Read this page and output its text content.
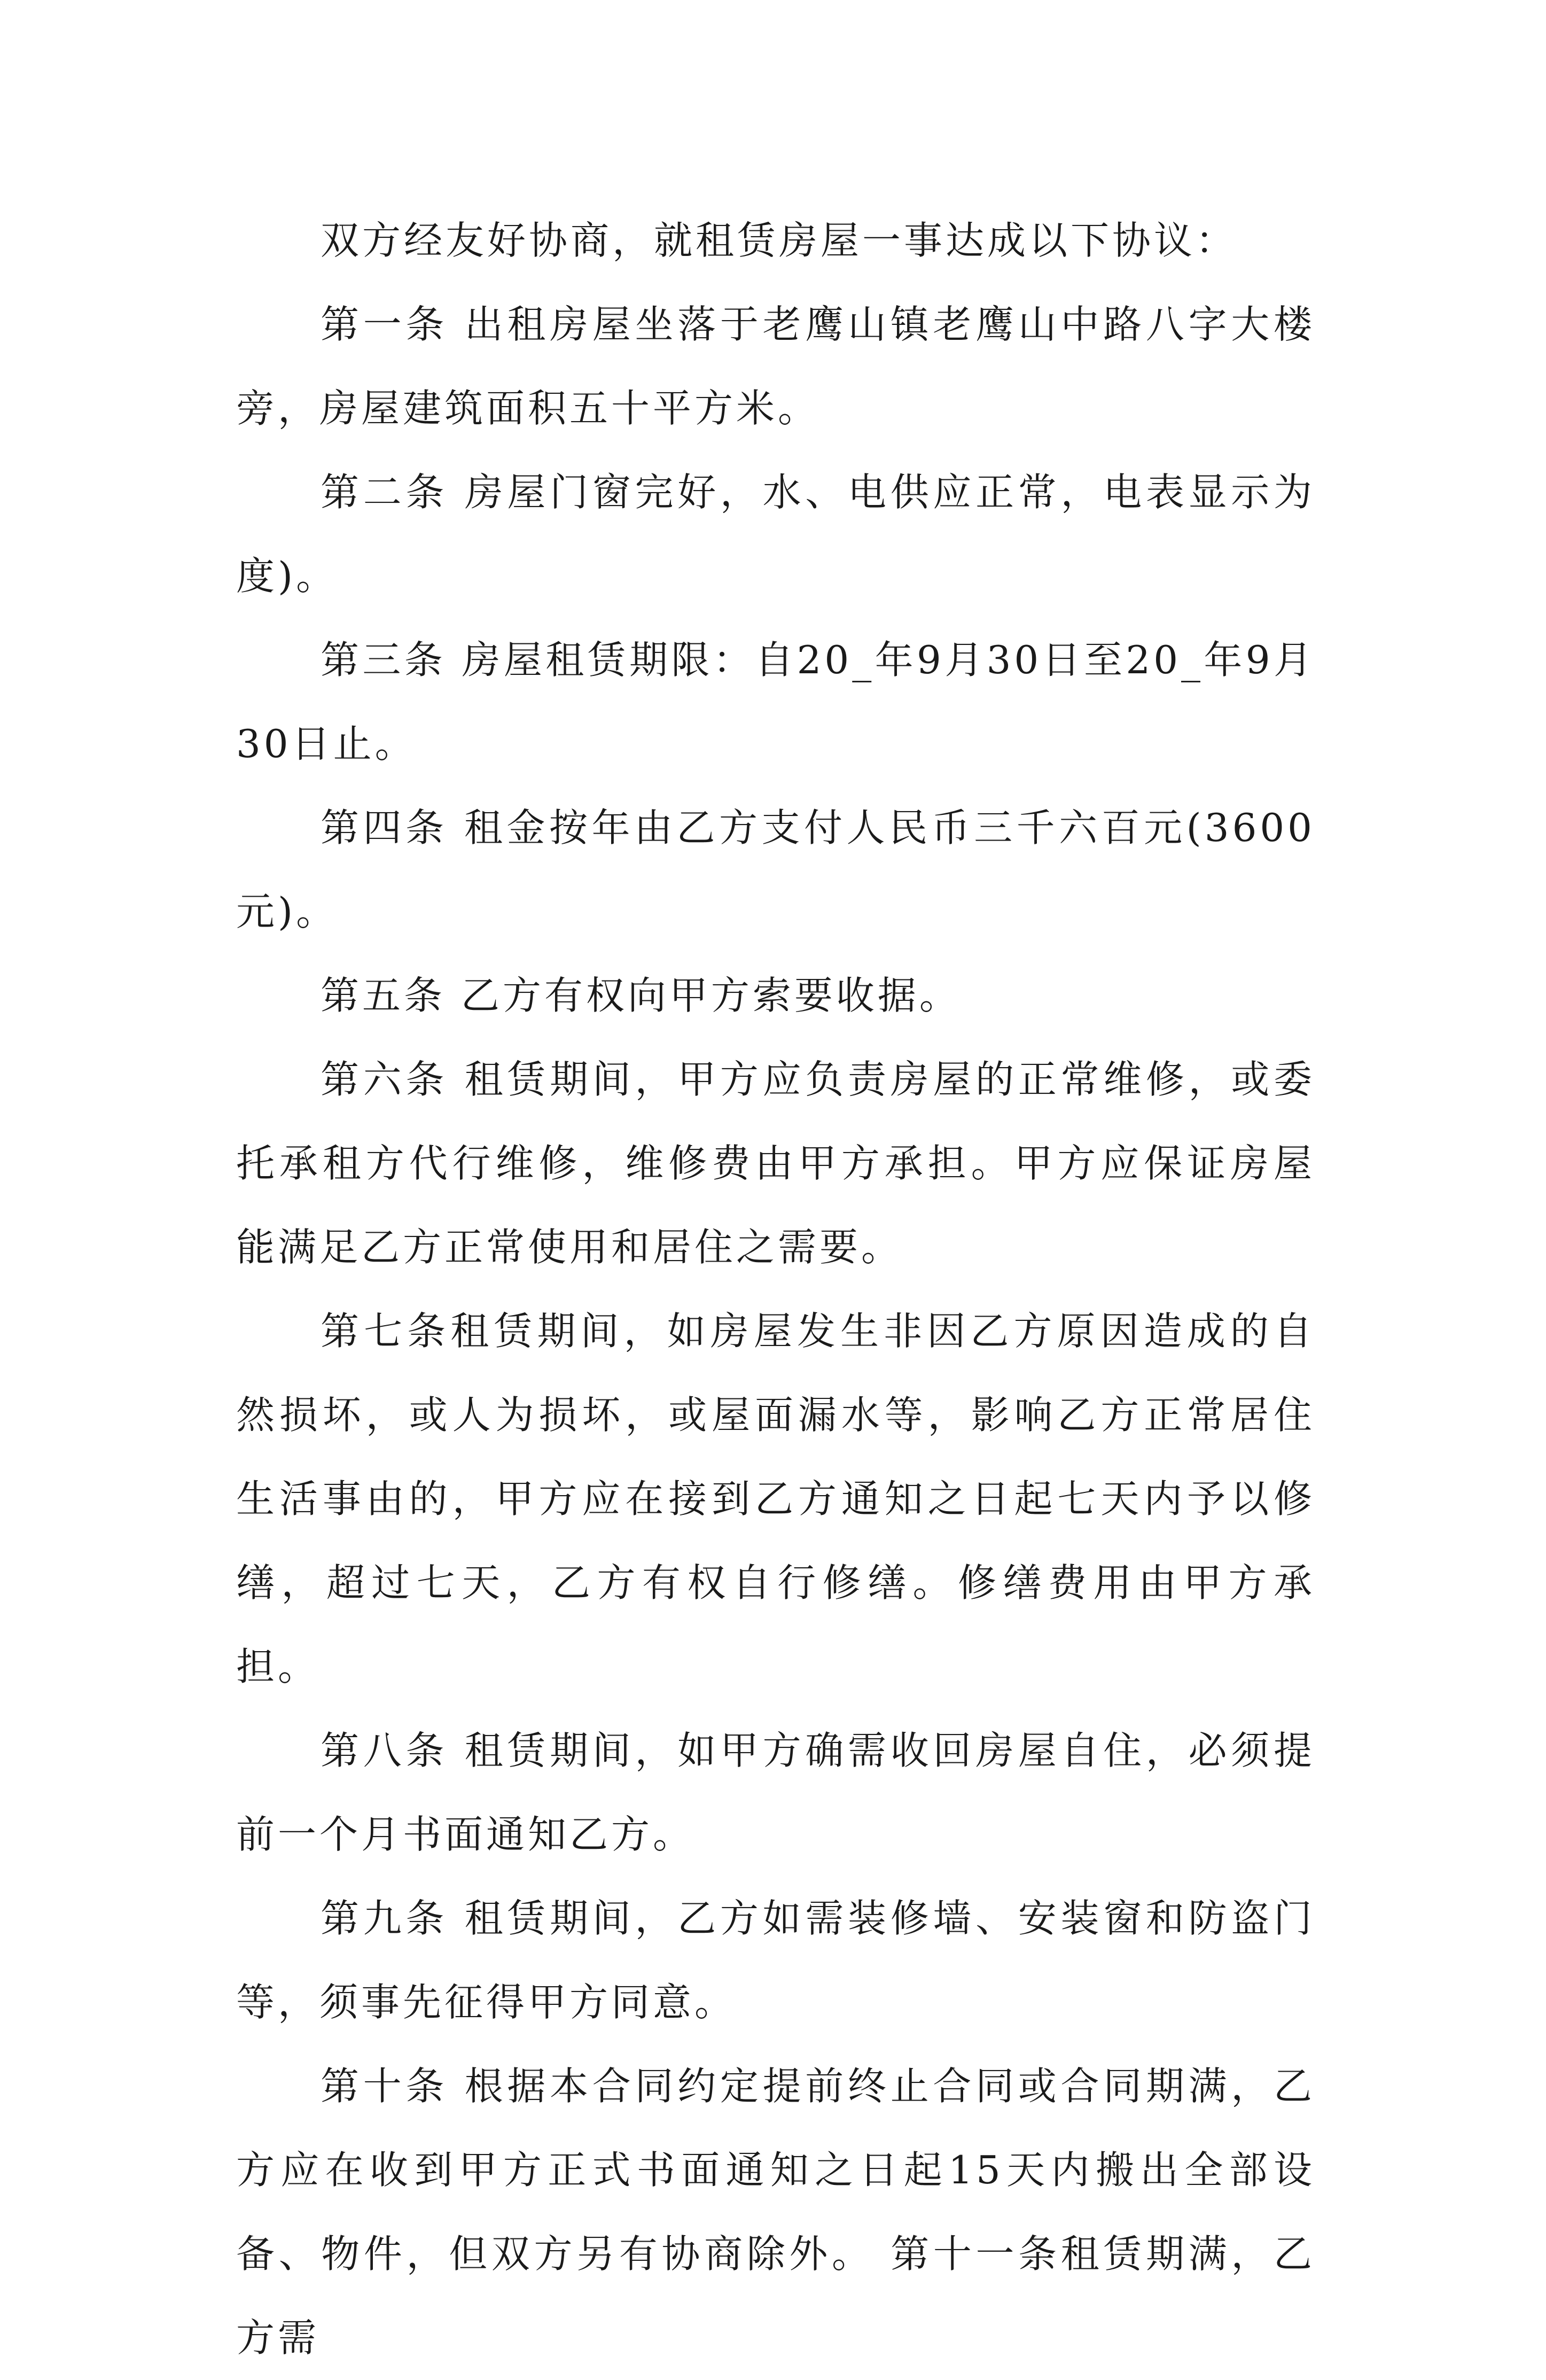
双方经友好协商，就租赁房屋一事达成以下协议：

第一条 出租房屋坐落于老鹰山镇老鹰山中路八字大楼旁，房屋建筑面积五十平方米。

第二条 房屋门窗完好，水、电供应正常，电表显示为度)。

第三条 房屋租赁期限：自20_年9月30日至20_年9月30日止。

第四条 租金按年由乙方支付人民币三千六百元(3600元)。

第五条 乙方有权向甲方索要收据。

第六条 租赁期间，甲方应负责房屋的正常维修，或委托承租方代行维修，维修费由甲方承担。甲方应保证房屋能满足乙方正常使用和居住之需要。

第七条租赁期间，如房屋发生非因乙方原因造成的自然损坏，或人为损坏，或屋面漏水等，影响乙方正常居住生活事由的，甲方应在接到乙方通知之日起七天内予以修缮，超过七天，乙方有权自行修缮。修缮费用由甲方承担。

第八条 租赁期间，如甲方确需收回房屋自住，必须提前一个月书面通知乙方。

第九条 租赁期间，乙方如需装修墙、安装窗和防盗门等，须事先征得甲方同意。

第十条 根据本合同约定提前终止合同或合同期满，乙方应在收到甲方正式书面通知之日起15天内搬出全部设备、物件，但双方另有协商除外。 第十一条租赁期满，乙方需
